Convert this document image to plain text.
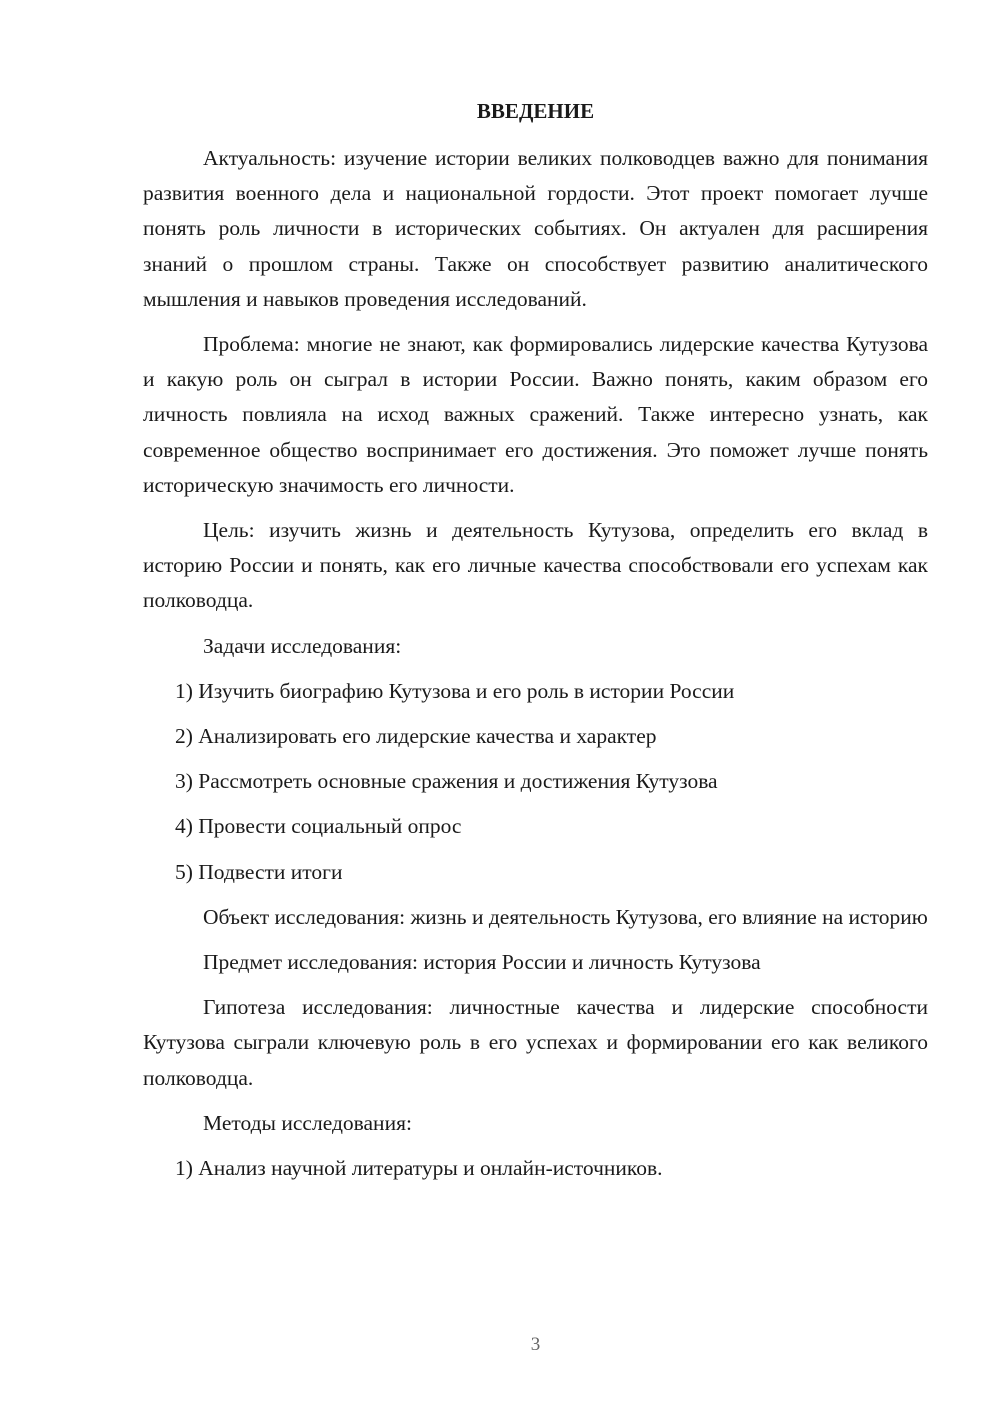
ВВЕДЕНИЕ

Актуальность: изучение истории великих полководцев важно для понимания развития военного дела и национальной гордости. Этот проект помогает лучше понять роль личности в исторических событиях. Он актуален для расширения знаний о прошлом страны. Также он способствует развитию аналитического мышления и навыков проведения исследований.

Проблема: многие не знают, как формировались лидерские качества Кутузова и какую роль он сыграл в истории России. Важно понять, каким образом его личность повлияла на исход важных сражений. Также интересно узнать, как современное общество воспринимает его достижения. Это поможет лучше понять историческую значимость его личности.

Цель: изучить жизнь и деятельность Кутузова, определить его вклад в историю России и понять, как его личные качества способствовали его успехам как полководца.

Задачи исследования:

1) Изучить биографию Кутузова и его роль в истории России
2) Анализировать его лидерские качества и характер
3) Рассмотреть основные сражения и достижения Кутузова
4) Провести социальный опрос
5) Подвести итоги

Объект исследования: жизнь и деятельность Кутузова, его влияние на историю

Предмет исследования: история России и личность Кутузова

Гипотеза исследования: личностные качества и лидерские способности Кутузова сыграли ключевую роль в его успехах и формировании его как великого полководца.

Методы исследования:

1) Анализ научной литературы и онлайн-источников.
3
